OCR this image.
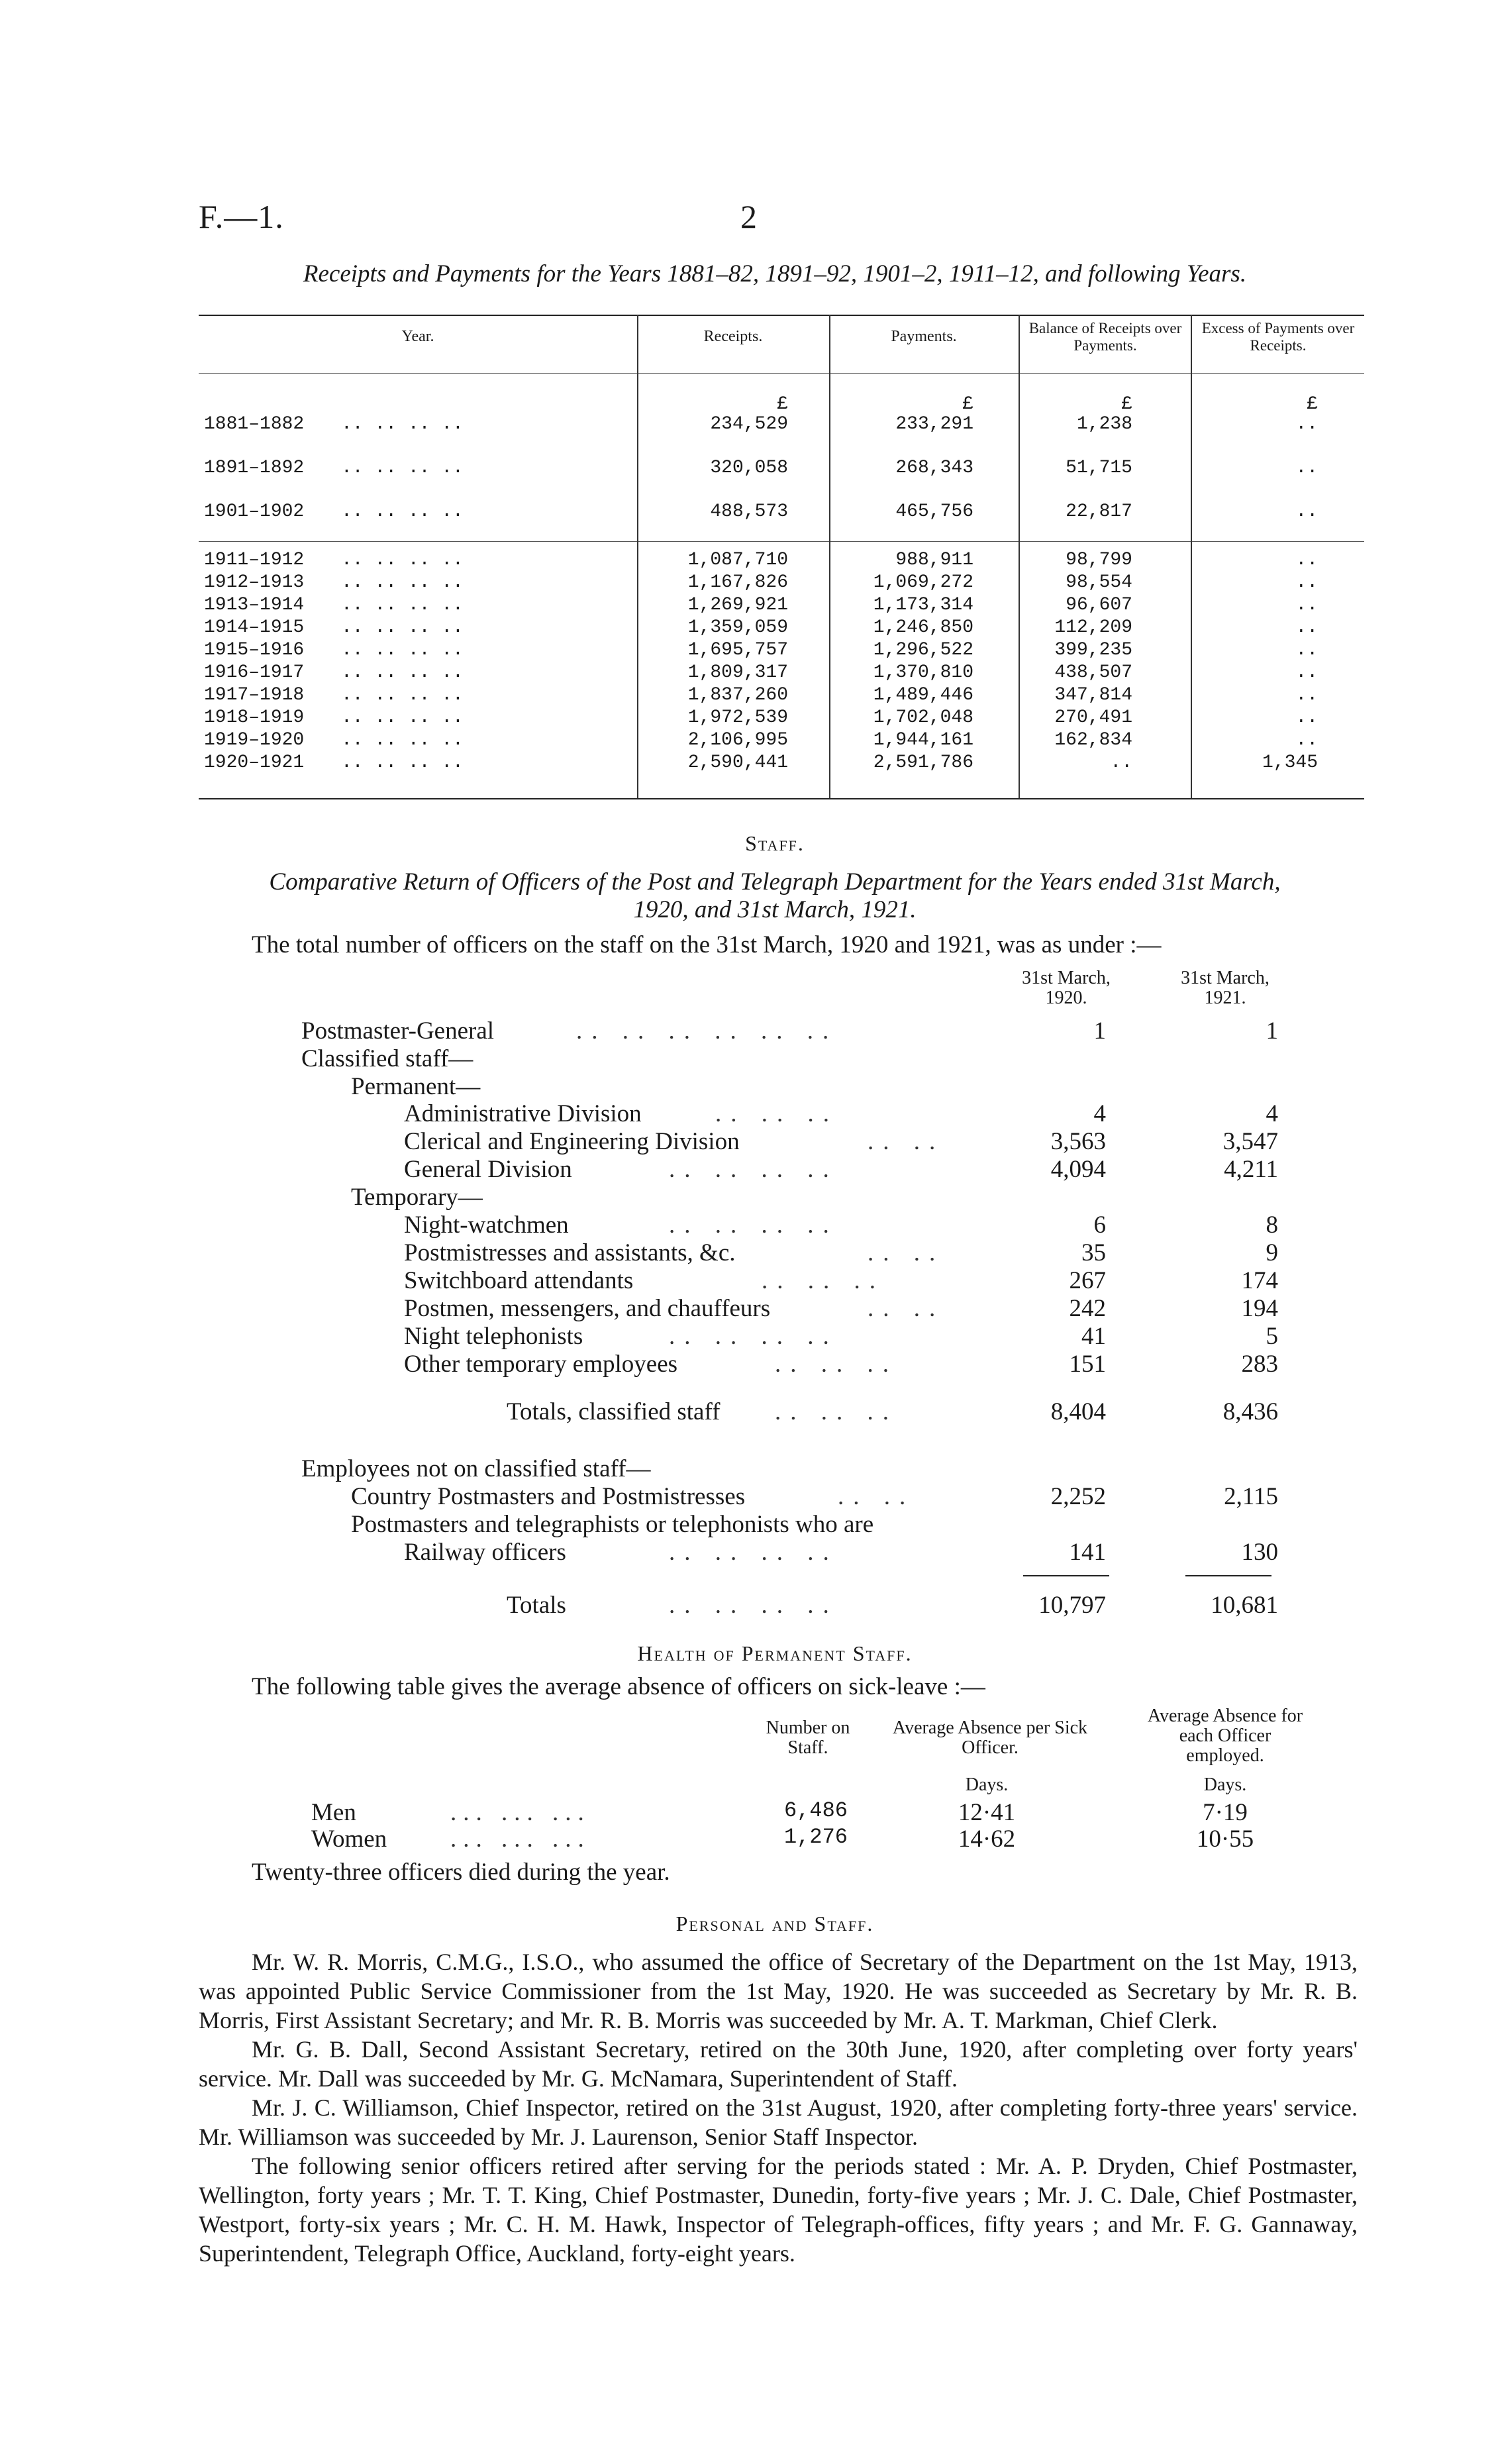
F.—1.	2
Receipts and Payments for the Years 1881–82, 1891–92, 1901–2, 1911–12, and following Years.
Year.	Receipts.	Payments.	Balance of Receipts over Payments.
Excess of Payments over Receipts.
£	£	£	£
1881–1882 .. .. .. ..	234,529	233,291	1,238	..
1891–1892 .. .. .. ..	320,058	268,343	51,715	..
1901–1902 .. .. .. ..	488,573	465,756	22,817	..
1911–1912 .. .. .. ..	1,087,710	988,911	98,799	..
1912–1913 .. .. .. ..	1,167,826	1,069,272	98,554	..
1913–1914 .. .. .. ..	1,269,921	1,173,314	96,607	..
1914–1915 .. .. .. ..	1,359,059	1,246,850	112,209	..
1915–1916 .. .. .. ..	1,695,757	1,296,522	399,235	..
1916–1917 .. .. .. ..	1,809,317	1,370,810	438,507	..
1917–1918 .. .. .. ..	1,837,260	1,489,446	347,814	..
1918–1919 .. .. .. ..	1,972,539	1,702,048	270,491	..
1919–1920 .. .. .. ..	2,106,995	1,944,161	162,834	..
1920–1921 .. .. .. ..	2,590,441	2,591,786	..	1,345
Staff.
Comparative Return of Officers of the Post and Telegraph Department for the Years ended 31st March,
1920, and 31st March, 1921.
The total number of officers on the staff on the 31st March, 1920 and 1921, was as under :—
31st March, 1920.
31st March, 1921.
Postmaster-General	.. .. .. .. .. ..	1	1
Classified staff—
Permanent—
Administrative Division	.. .. ..	4	4
Clerical and Engineering Division	.. ..	3,563	3,547
General Division	.. .. .. ..	4,094	4,211
Temporary—
Night-watchmen	.. .. .. ..	6	8
Postmistresses and assistants, &c.	.. ..	35	9
Switchboard attendants	.. .. ..	267	174
Postmen, messengers, and chauffeurs	.. ..	242	194
Night telephonists	.. .. .. ..	41	5
Other temporary employees	.. .. ..	151	283
Totals, classified staff .. .. ..	8,404	8,436
Employees not on classified staff—
Country Postmasters and Postmistresses	.. ..	2,252	2,115
Postmasters and telegraphists or telephonists who are
Railway officers	.. .. .. ..	141	130
Totals	.. .. .. ..	10,797	10,681
Health of Permanent Staff.
The following table gives the average absence of officers on sick-leave :—
Number on Staff.
Average Absence per Sick Officer.
Average Absence for each Officer employed.
Days.	Days.
Men	... ... ...	6,486	12·41	7·19
Women	... ... ...	1,276	14·62	10·55
Twenty-three officers died during the year.
Personal and Staff.

Mr. W. R. Morris, C.M.G., I.S.O., who assumed the office of Secretary of the Department on the 1st May, 1913, was appointed Public Service Commissioner from the 1st May, 1920. He was succeeded as Secretary by Mr. R. B. Morris, First Assistant Secretary; and Mr. R. B. Morris was succeeded by Mr. A. T. Markman, Chief Clerk.

Mr. G. B. Dall, Second Assistant Secretary, retired on the 30th June, 1920, after completing over forty years' service. Mr. Dall was succeeded by Mr. G. McNamara, Superintendent of Staff.

Mr. J. C. Williamson, Chief Inspector, retired on the 31st August, 1920, after completing forty-three years' service. Mr. Williamson was succeeded by Mr. J. Laurenson, Senior Staff Inspector.

The following senior officers retired after serving for the periods stated : Mr. A. P. Dryden, Chief Postmaster, Wellington, forty years ; Mr. T. T. King, Chief Postmaster, Dunedin, forty-five years ; Mr. J. C. Dale, Chief Postmaster, Westport, forty-six years ; Mr. C. H. M. Hawk, Inspector of Telegraph-offices, fifty years ; and Mr. F. G. Gannaway, Superintendent, Telegraph Office, Auckland, forty-eight years.
